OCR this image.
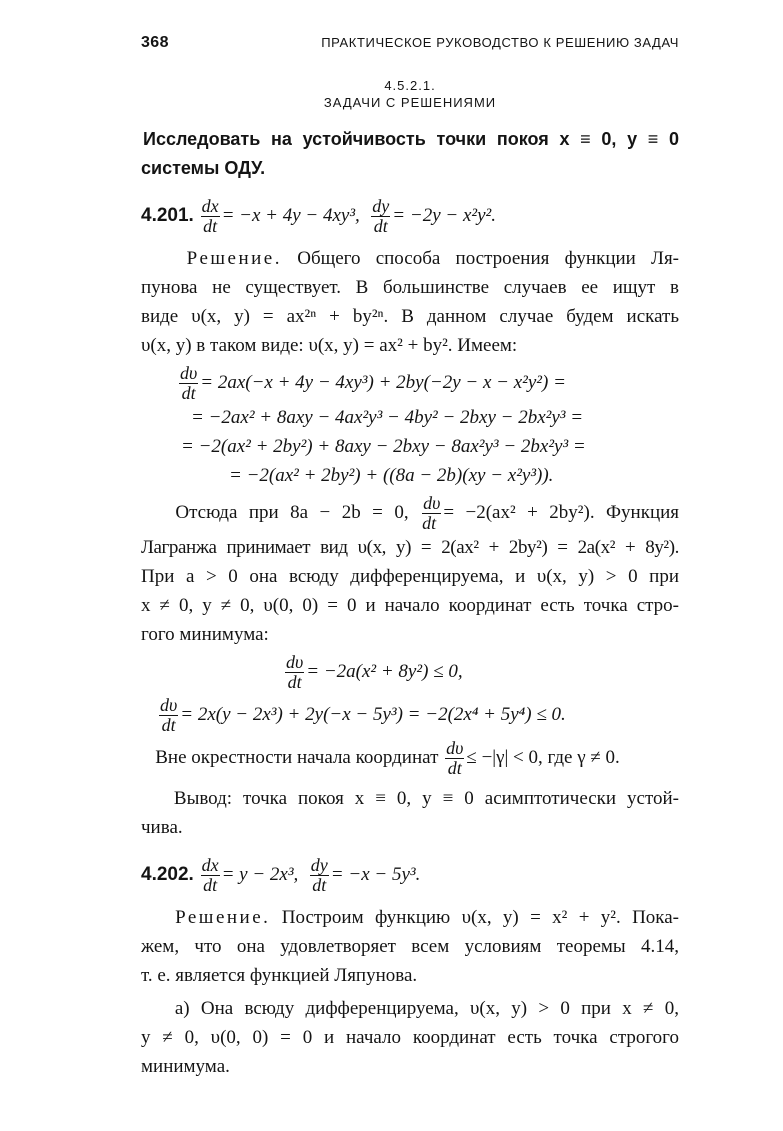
368	ПРАКТИЧЕСКОЕ РУКОВОДСТВО К РЕШЕНИЮ ЗАДАЧ
4.5.2.1.
ЗАДАЧИ С РЕШЕНИЯМИ
Исследовать на устойчивость точки покоя x ≡ 0, y ≡ 0 системы ОДУ.
4.201. $\frac{dx}{dt} = -x + 4y - 4xy^3$, $\frac{dy}{dt} = -2y - x^2y^2$.
Решение. Общего способа построения функции Ля-
пунова не существует. В большинстве случаев ее ищут в
виде υ(x, y) = ax²ⁿ + by²ⁿ. В данном случае будем искать
υ(x, y) в таком виде: υ(x, y) = ax² + by². Имеем:
$\frac{d\upsilon}{dt} = 2ax(-x + 4y - 4xy^3) + 2by(-2y - x - x^2y^2)$ =
= −2ax² + 8axy − 4ax²y³ − 4by² − 2bxy − 2bx²y³ =
= −2(ax² + 2by²) + 8axy − 2bxy − 8ax²y³ − 2bx²y³ =
= −2(ax² + 2by²) + ((8a − 2b)(xy − x²y³)).
Отсюда при 8a − 2b = 0, $\frac{d\upsilon}{dt} = -2(ax^2 + 2by^2)$. Функция
Лагранжа принимает вид υ(x, y) = 2(ax² + 2by²) = 2a(x² + 8y²).
При a > 0 она всюду дифференцируема, и υ(x, y) > 0 при
x ≠ 0, y ≠ 0, υ(0, 0) = 0 и начало координат есть точка стро-
гого минимума:
$\frac{d\upsilon}{dt} = -2a(x^2 + 8y^2) \le 0$,
$\frac{d\upsilon}{dt} = 2x(y - 2x^3) + 2y(-x - 5y^3) = -2(2x^4 + 5y^4) \le 0$.
Вне окрестности начала координат $\frac{d\upsilon}{dt} \le -|\gamma| < 0$, где γ ≠ 0.
Вывод: точка покоя x ≡ 0, y ≡ 0 асимптотически устой-
чива.
4.202. $\frac{dx}{dt} = y - 2x^3$, $\frac{dy}{dt} = -x - 5y^3$.
Решение. Построим функцию υ(x, y) = x² + y². Пока-
жем, что она удовлетворяет всем условиям теоремы 4.14,
т. е. является функцией Ляпунова.
а) Она всюду дифференцируема, υ(x, y) > 0 при x ≠ 0,
y ≠ 0, υ(0, 0) = 0 и начало координат есть точка строгого
минимума.
